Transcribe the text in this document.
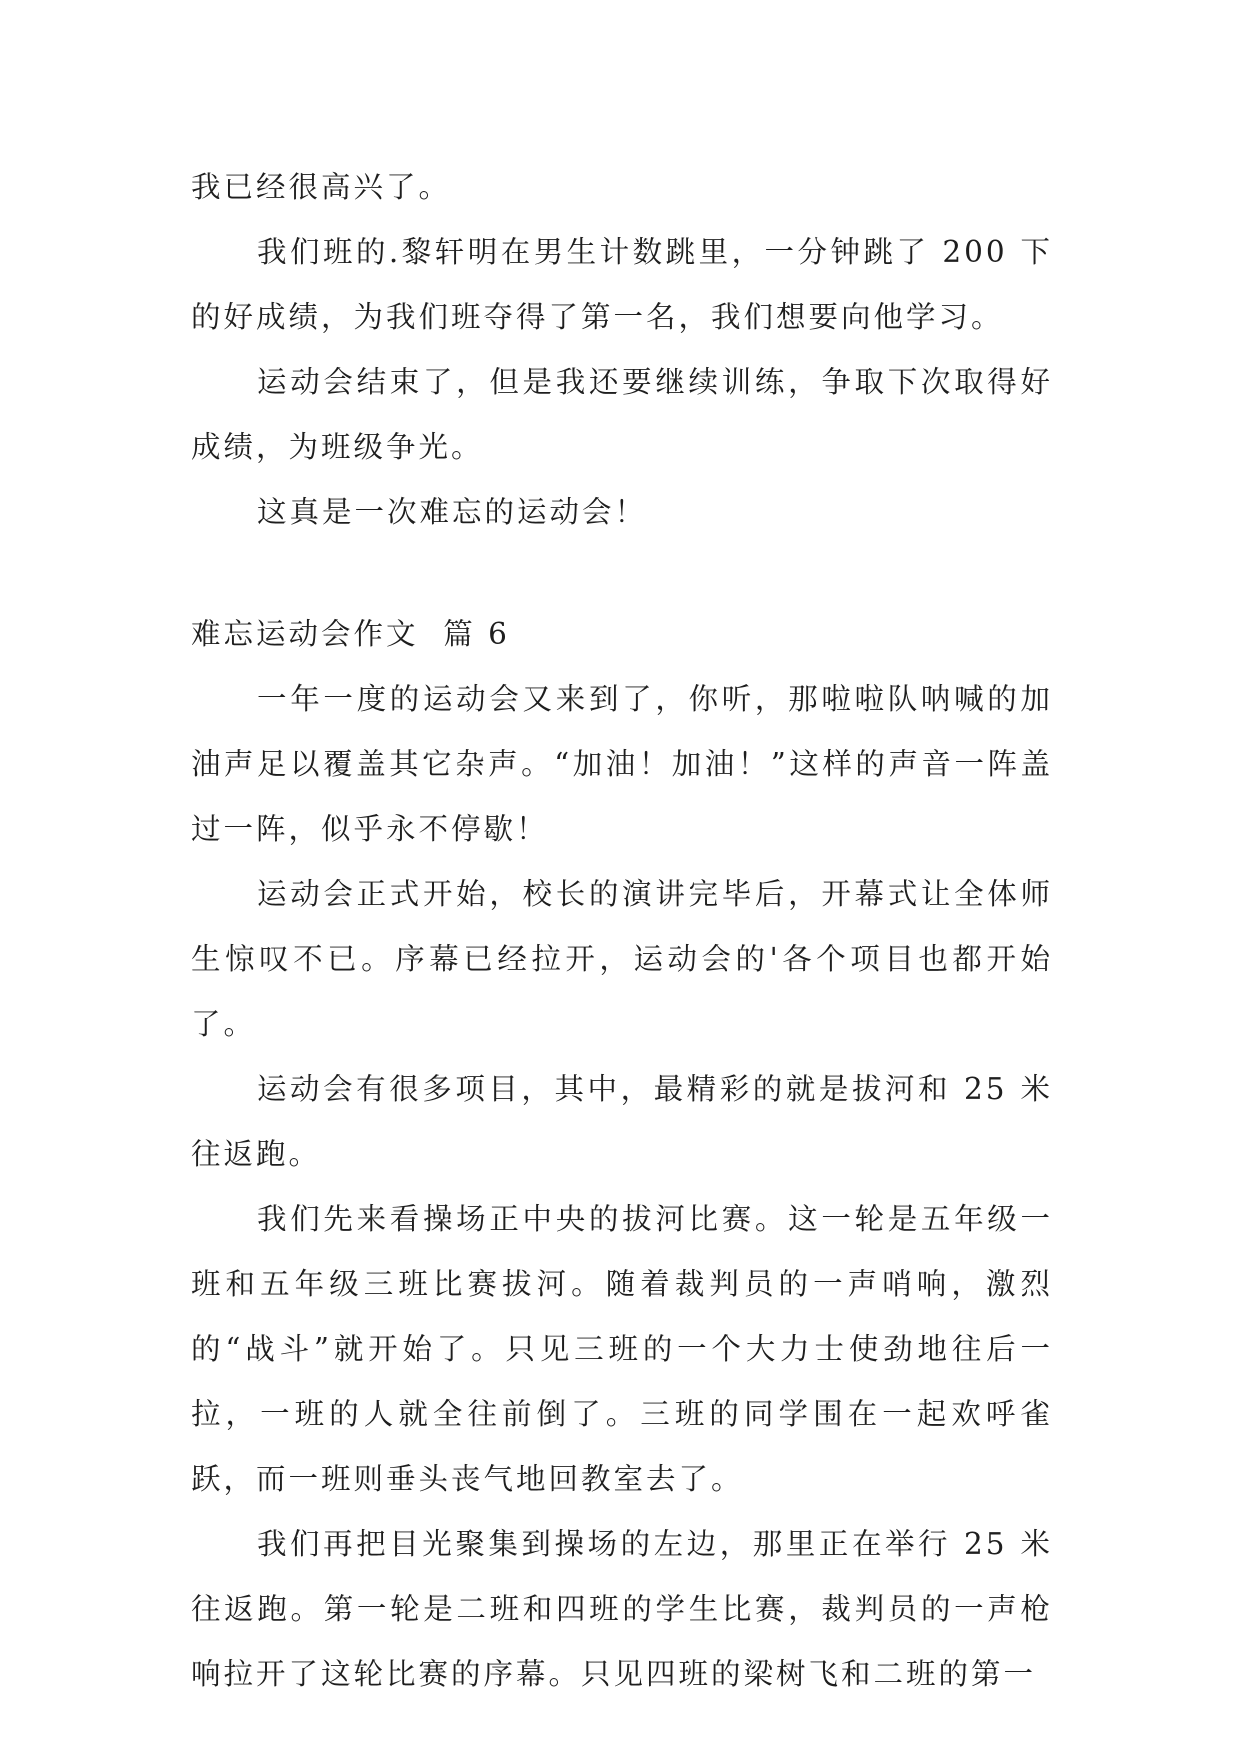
我已经很高兴了。

我们班的.黎轩明在男生计数跳里，一分钟跳了 200 下的好成绩，为我们班夺得了第一名，我们想要向他学习。

运动会结束了，但是我还要继续训练，争取下次取得好成绩，为班级争光。

这真是一次难忘的运动会！

难忘运动会作文  篇 6

一年一度的运动会又来到了，你听，那啦啦队呐喊的加油声足以覆盖其它杂声。“加油！加油！”这样的声音一阵盖过一阵，似乎永不停歇！

运动会正式开始，校长的演讲完毕后，开幕式让全体师生惊叹不已。序幕已经拉开，运动会的'各个项目也都开始了。

运动会有很多项目，其中，最精彩的就是拔河和 25 米往返跑。

我们先来看操场正中央的拔河比赛。这一轮是五年级一班和五年级三班比赛拔河。随着裁判员的一声哨响，激烈的“战斗”就开始了。只见三班的一个大力士使劲地往后一拉，一班的人就全往前倒了。三班的同学围在一起欢呼雀跃，而一班则垂头丧气地回教室去了。

我们再把目光聚集到操场的左边，那里正在举行 25 米往返跑。第一轮是二班和四班的学生比赛，裁判员的一声枪响拉开了这轮比赛的序幕。只见四班的梁树飞和二班的第一
